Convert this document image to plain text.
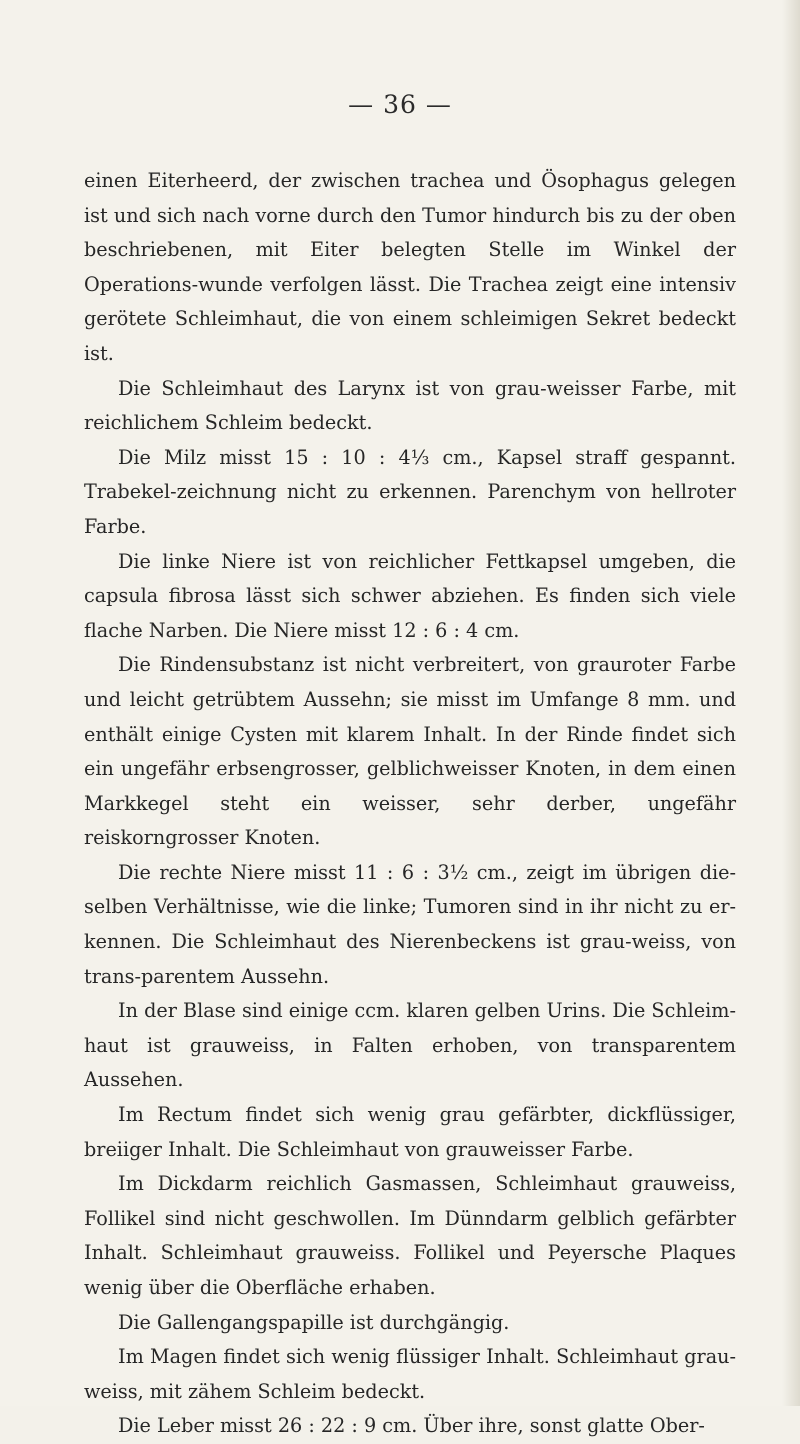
— 36 —

einen Eiterheerd, der zwischen trachea und Ösophagus gelegen ist und sich nach vorne durch den Tumor hindurch bis zu der oben beschriebenen, mit Eiter belegten Stelle im Winkel der Operations-wunde verfolgen lässt. Die Trachea zeigt eine intensiv gerötete Schleimhaut, die von einem schleimigen Sekret bedeckt ist.

Die Schleimhaut des Larynx ist von grau-weisser Farbe, mit reichlichem Schleim bedeckt.

Die Milz misst 15 : 10 : 4⅓ cm., Kapsel straff gespannt. Trabekel-zeichnung nicht zu erkennen. Parenchym von hellroter Farbe.

Die linke Niere ist von reichlicher Fettkapsel umgeben, die capsula fibrosa lässt sich schwer abziehen. Es finden sich viele flache Narben. Die Niere misst 12 : 6 : 4 cm.

Die Rindensubstanz ist nicht verbreitert, von grauroter Farbe und leicht getrübtem Aussehn; sie misst im Umfange 8 mm. und enthält einige Cysten mit klarem Inhalt. In der Rinde findet sich ein ungefähr erbsengrosser, gelblichweisser Knoten, in dem einen Markkegel steht ein weisser, sehr derber, ungefähr reiskorngrosser Knoten.

Die rechte Niere misst 11 : 6 : 3½ cm., zeigt im übrigen die-selben Verhältnisse, wie die linke; Tumoren sind in ihr nicht zu er-kennen. Die Schleimhaut des Nierenbeckens ist grau-weiss, von trans-parentem Aussehn.

In der Blase sind einige ccm. klaren gelben Urins. Die Schleim-haut ist grauweiss, in Falten erhoben, von transparentem Aussehen.

Im Rectum findet sich wenig grau gefärbter, dickflüssiger, breiiger Inhalt. Die Schleimhaut von grauweisser Farbe.

Im Dickdarm reichlich Gasmassen, Schleimhaut grauweiss, Follikel sind nicht geschwollen. Im Dünndarm gelblich gefärbter Inhalt. Schleimhaut grauweiss. Follikel und Peyersche Plaques wenig über die Oberfläche erhaben.

Die Gallengangspapille ist durchgängig.

Im Magen findet sich wenig flüssiger Inhalt. Schleimhaut grau-weiss, mit zähem Schleim bedeckt.

Die Leber misst 26 : 22 : 9 cm. Über ihre, sonst glatte Ober-
